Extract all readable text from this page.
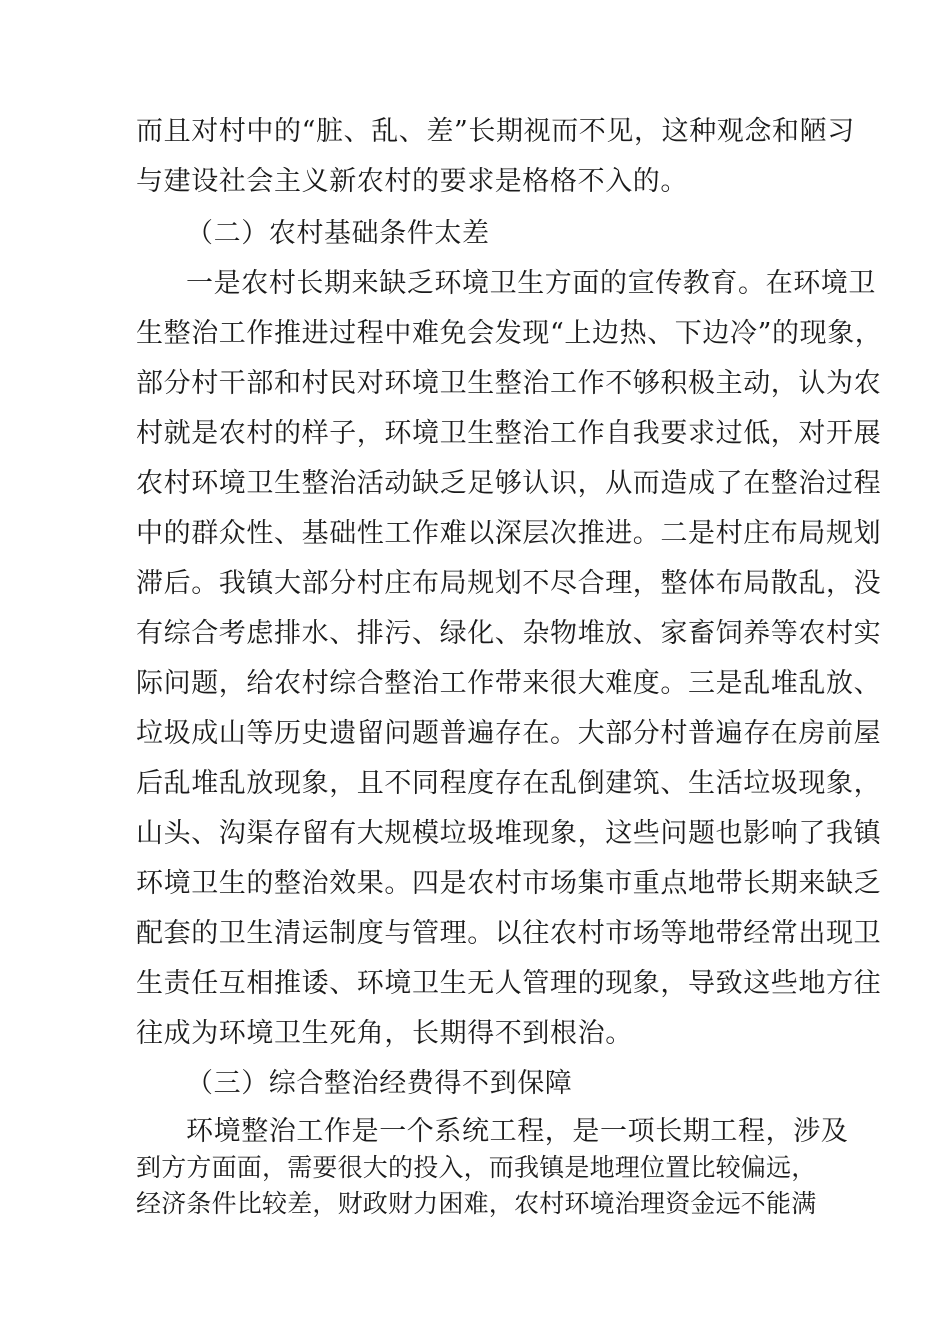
而且对村中的“脏、乱、差”长期视而不见，这种观念和陋习
与建设社会主义新农村的要求是格格不入的。
（二）农村基础条件太差
一是农村长期来缺乏环境卫生方面的宣传教育。在环境卫
生整治工作推进过程中难免会发现“上边热、下边冷”的现象，
部分村干部和村民对环境卫生整治工作不够积极主动，认为农
村就是农村的样子，环境卫生整治工作自我要求过低，对开展
农村环境卫生整治活动缺乏足够认识，从而造成了在整治过程
中的群众性、基础性工作难以深层次推进。二是村庄布局规划
滞后。我镇大部分村庄布局规划不尽合理，整体布局散乱，没
有综合考虑排水、排污、绿化、杂物堆放、家畜饲养等农村实
际问题，给农村综合整治工作带来很大难度。三是乱堆乱放、
垃圾成山等历史遗留问题普遍存在。大部分村普遍存在房前屋
后乱堆乱放现象，且不同程度存在乱倒建筑、生活垃圾现象，
山头、沟渠存留有大规模垃圾堆现象，这些问题也影响了我镇
环境卫生的整治效果。四是农村市场集市重点地带长期来缺乏
配套的卫生清运制度与管理。以往农村市场等地带经常出现卫
生责任互相推诿、环境卫生无人管理的现象，导致这些地方往
往成为环境卫生死角，长期得不到根治。
（三）综合整治经费得不到保障
环境整治工作是一个系统工程，是一项长期工程，涉及
到方方面面，需要很大的投入，而我镇是地理位置比较偏远，
经济条件比较差，财政财力困难，农村环境治理资金远不能满
